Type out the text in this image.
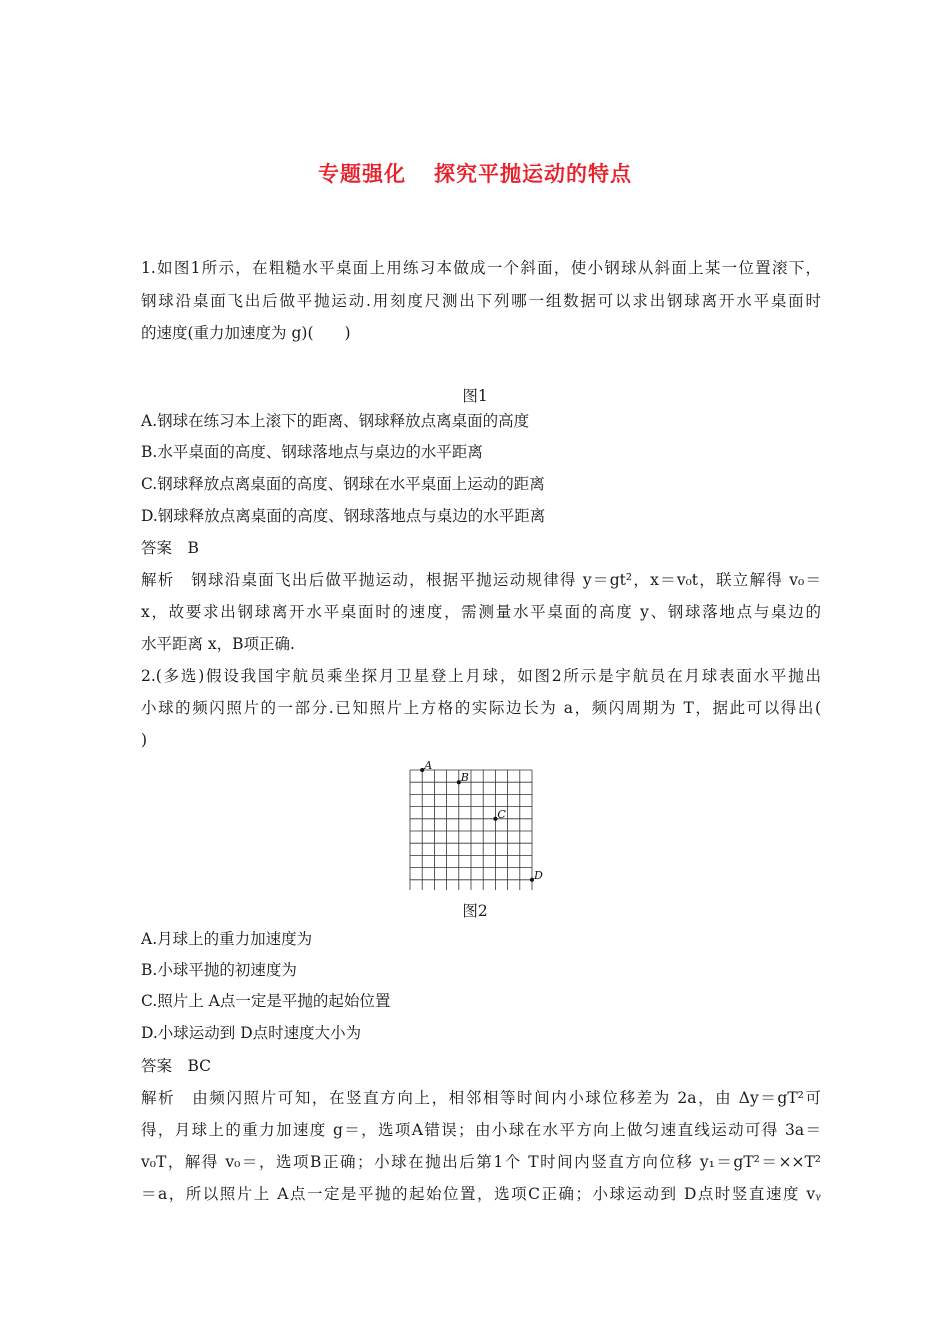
专题强化 探究平抛运动的特点
1.如图1所示，在粗糙水平桌面上用练习本做成一个斜面，使小钢球从斜面上某一位置滚下，
钢球沿桌面飞出后做平抛运动.用刻度尺测出下列哪一组数据可以求出钢球离开水平桌面时
的速度(重力加速度为 g)(　　)
图1
A.钢球在练习本上滚下的距离、钢球释放点离桌面的高度
B.水平桌面的高度、钢球落地点与桌边的水平距离
C.钢球释放点离桌面的高度、钢球在水平桌面上运动的距离
D.钢球释放点离桌面的高度、钢球落地点与桌边的水平距离
答案　B
解析　钢球沿桌面飞出后做平抛运动，根据平抛运动规律得 y＝gt²，x＝v₀t，联立解得 v₀＝
x，故要求出钢球离开水平桌面时的速度，需测量水平桌面的高度 y、钢球落地点与桌边的
水平距离 x，B项正确.
2.(多选)假设我国宇航员乘坐探月卫星登上月球，如图2所示是宇航员在月球表面水平抛出
小球的频闪照片的一部分.已知照片上方格的实际边长为 a，频闪周期为 T，据此可以得出(
)
A
B
C
D
图2
A.月球上的重力加速度为
B.小球平抛的初速度为
C.照片上 A点一定是平抛的起始位置
D.小球运动到 D点时速度大小为
答案　BC
解析　由频闪照片可知，在竖直方向上，相邻相等时间内小球位移差为 2a，由 Δy＝gT²可
得，月球上的重力加速度 g＝，选项A错误；由小球在水平方向上做匀速直线运动可得 3a＝
v₀T，解得 v₀＝，选项B正确；小球在抛出后第1个 T时间内竖直方向位移 y₁＝gT²＝××T²
＝a，所以照片上 A点一定是平抛的起始位置，选项C正确；小球运动到 D点时竖直速度 vᵧ
